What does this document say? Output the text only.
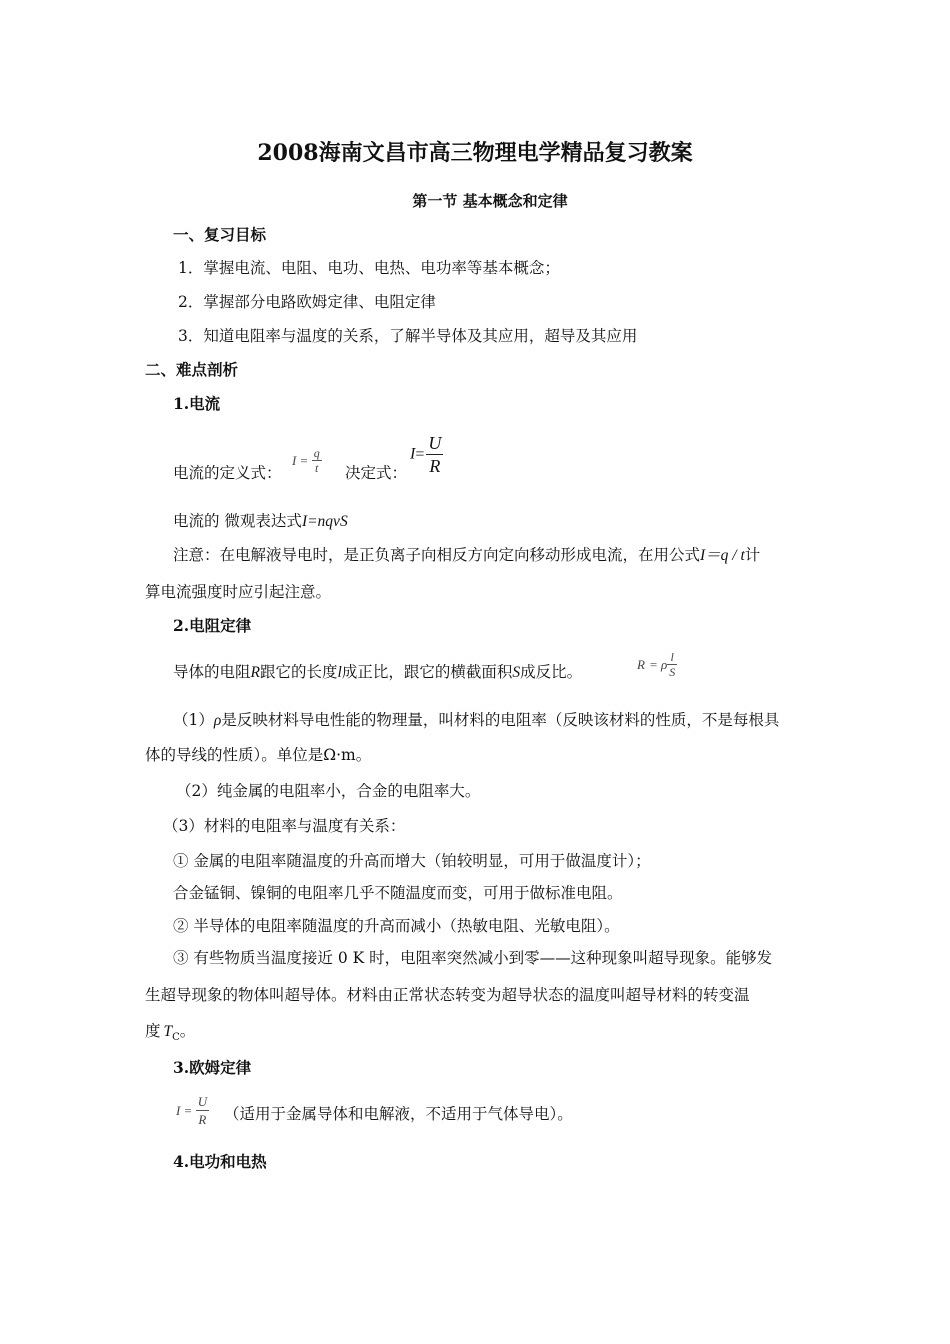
2008海南文昌市高三物理电学精品复习教案
第一节 基本概念和定律
一、复习目标
1．掌握电流、电阻、电功、电热、电功率等基本概念；
2．掌握部分电路欧姆定律、电阻定律
3．知道电阻率与温度的关系，了解半导体及其应用，超导及其应用
二、难点剖析
1.电流
电流的定义式：
$I = \frac{q}{t}$ 决定式：
$I= \frac{U}{R}$
电流的 微观表达式I=nqvS
注意：在电解液导电时，是正负离子向相反方向定向移动形成电流，在用公式I＝q / t计
算电流强度时应引起注意。
2.电阻定律
导体的电阻R跟它的长度l成正比，跟它的横截面积S成反比。	R = ρ $\frac{l}{S}$
（1）ρ是反映材料导电性能的物理量，叫材料的电阻率（反映该材料的性质，不是每根具
体的导线的性质）。单位是Ω·m。
（2）纯金属的电阻率小，合金的电阻率大。
（3）材料的电阻率与温度有关系：
① 金属的电阻率随温度的升高而增大（铂较明显，可用于做温度计）；
合金锰铜、镍铜的电阻率几乎不随温度而变，可用于做标准电阻。
② 半导体的电阻率随温度的升高而减小（热敏电阻、光敏电阻）。
③ 有些物质当温度接近 0 K 时，电阻率突然减小到零——这种现象叫超导现象。能够发
生超导现象的物体叫超导体。材料由正常状态转变为超导状态的温度叫超导材料的转变温
度 $T_C$。
3.欧姆定律
$I = \frac{U}{R}$ （适用于金属导体和电解液，不适用于气体导电）。
4.电功和电热
